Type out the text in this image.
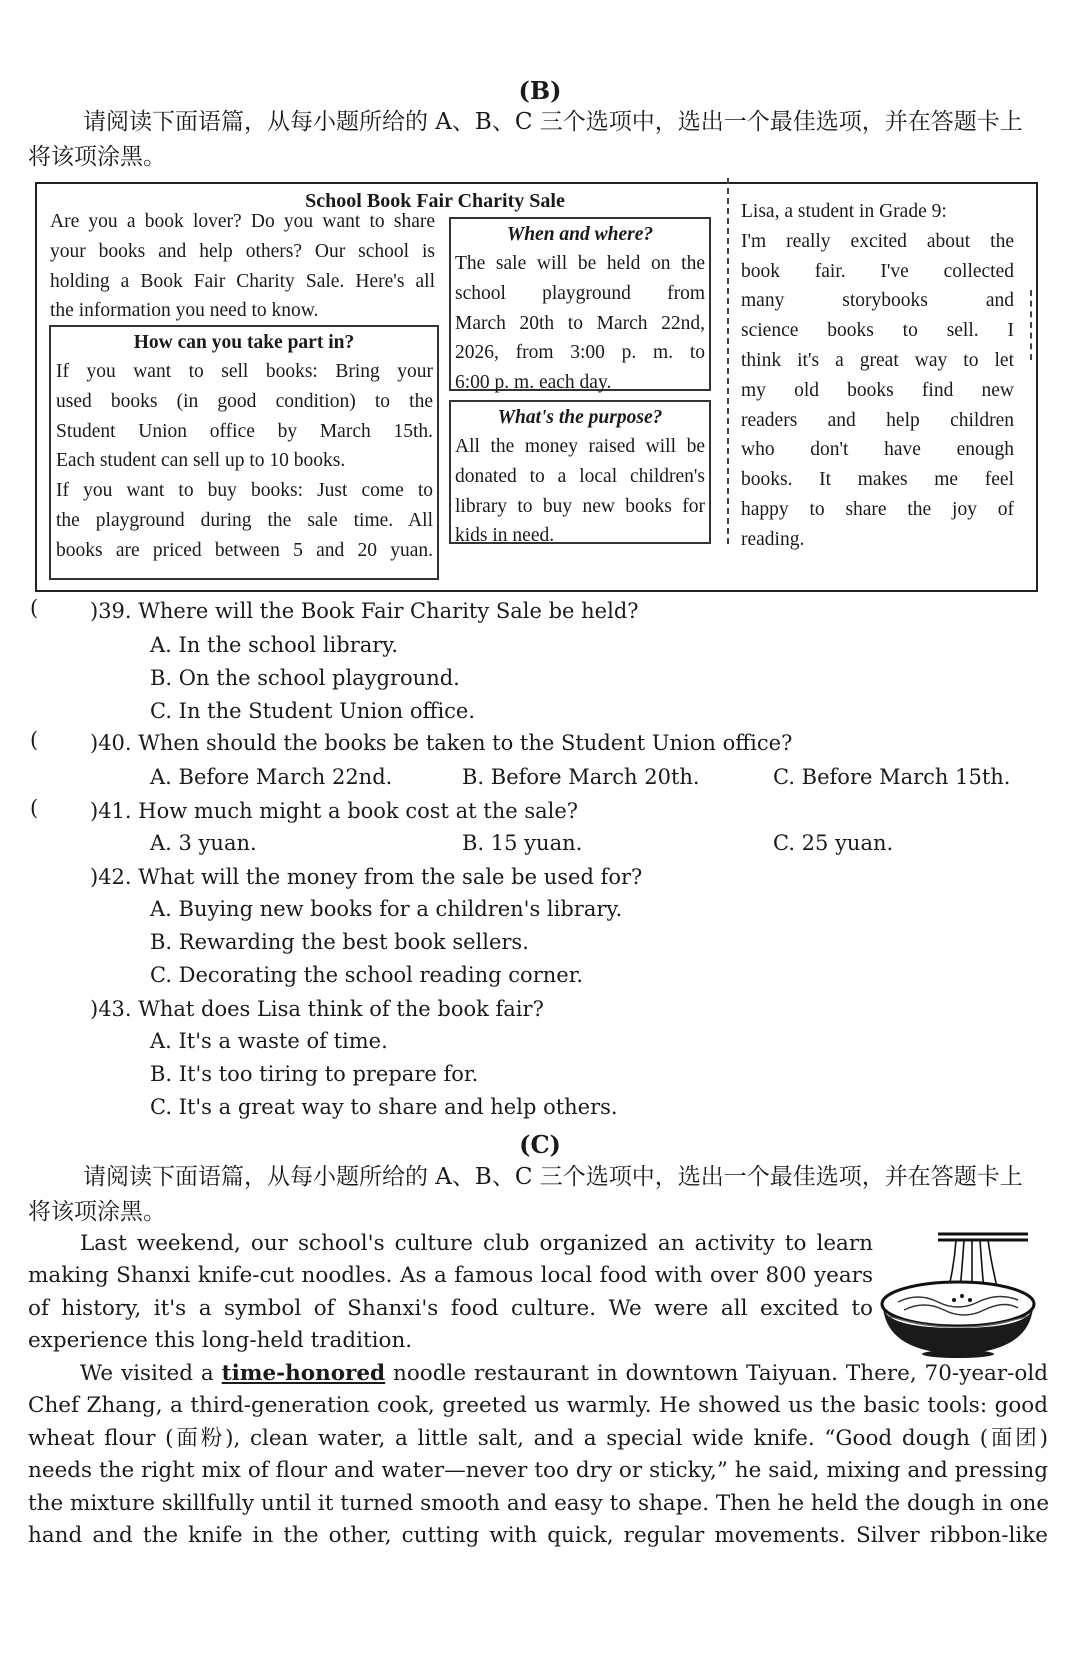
(B)
请阅读下面语篇，从每小题所给的 A、B、C 三个选项中，选出一个最佳选项，并在答题卡上
将该项涂黑。
School Book Fair Charity Sale
Are you a book lover? Do you want to share
your books and help others? Our school is
holding a Book Fair Charity Sale. Here's all
the information you need to know.
How can you take part in?
If you want to sell books: Bring your
used books (in good condition) to the
Student Union office by March 15th.
Each student can sell up to 10 books.
If you want to buy books: Just come to
the playground during the sale time. All
books are priced between 5 and 20 yuan.
When and where?
The sale will be held on the
school playground from
March 20th to March 22nd,
2026, from 3:00 p. m. to
6:00 p. m. each day.
What's the purpose?
All the money raised will be
donated to a local children's
library to buy new books for
kids in need.
Lisa, a student in Grade 9:
I'm really excited about the
book fair. I've collected
many storybooks and
science books to sell. I
think it's a great way to let
my old books find new
readers and help children
who don't have enough
books. It makes me feel
happy to share the joy of
reading.
( )39. Where will the Book Fair Charity Sale be held?
A. In the school library.
B. On the school playground.
C. In the Student Union office.
( )40. When should the books be taken to the Student Union office?
A. Before March 22nd.	B. Before March 20th.	C. Before March 15th.
( )41. How much might a book cost at the sale?
A. 3 yuan.	B. 15 yuan.	C. 25 yuan.
)42. What will the money from the sale be used for?
A. Buying new books for a children's library.
B. Rewarding the best book sellers.
C. Decorating the school reading corner.
)43. What does Lisa think of the book fair?
A. It's a waste of time.
B. It's too tiring to prepare for.
C. It's a great way to share and help others.
(C)
请阅读下面语篇，从每小题所给的 A、B、C 三个选项中，选出一个最佳选项，并在答题卡上
将该项涂黑。
Last weekend, our school's culture club organized an activity to learn
making Shanxi knife-cut noodles. As a famous local food with over 800 years
of history, it's a symbol of Shanxi's food culture. We were all excited to
experience this long-held tradition.
We visited a time-honored noodle restaurant in downtown Taiyuan. There, 70-year-old
Chef Zhang, a third-generation cook, greeted us warmly. He showed us the basic tools: good
wheat flour (面粉), clean water, a little salt, and a special wide knife. “Good dough (面团)
needs the right mix of flour and water—never too dry or sticky,” he said, mixing and pressing
the mixture skillfully until it turned smooth and easy to shape. Then he held the dough in one
hand and the knife in the other, cutting with quick, regular movements. Silver ribbon-like
